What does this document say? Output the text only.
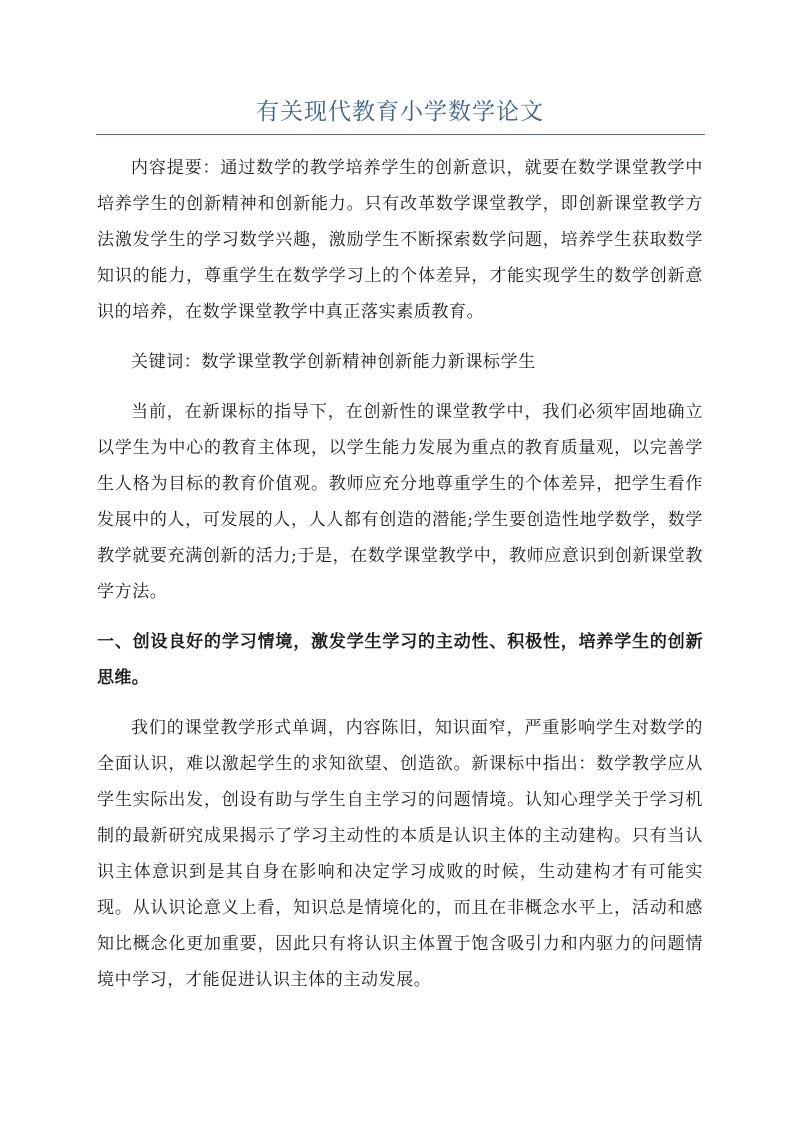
有关现代教育小学数学论文

内容提要：通过数学的教学培养学生的创新意识，就要在数学课堂教学中培养学生的创新精神和创新能力。只有改革数学课堂教学，即创新课堂教学方法激发学生的学习数学兴趣，激励学生不断探索数学问题，培养学生获取数学知识的能力，尊重学生在数学学习上的个体差异，才能实现学生的数学创新意识的培养，在数学课堂教学中真正落实素质教育。

关键词：数学课堂教学创新精神创新能力新课标学生

当前，在新课标的指导下，在创新性的课堂教学中，我们必须牢固地确立以学生为中心的教育主体现，以学生能力发展为重点的教育质量观，以完善学生人格为目标的教育价值观。教师应充分地尊重学生的个体差异，把学生看作发展中的人，可发展的人，人人都有创造的潜能;学生要创造性地学数学，数学教学就要充满创新的活力;于是，在数学课堂教学中，教师应意识到创新课堂教学方法。

一、创设良好的学习情境，激发学生学习的主动性、积极性，培养学生的创新思维。

我们的课堂教学形式单调，内容陈旧，知识面窄，严重影响学生对数学的全面认识，难以激起学生的求知欲望、创造欲。新课标中指出：数学教学应从学生实际出发，创设有助与学生自主学习的问题情境。认知心理学关于学习机制的最新研究成果揭示了学习主动性的本质是认识主体的主动建构。只有当认识主体意识到是其自身在影响和决定学习成败的时候，生动建构才有可能实现。从认识论意义上看，知识总是情境化的，而且在非概念水平上，活动和感知比概念化更加重要，因此只有将认识主体置于饱含吸引力和内驱力的问题情境中学习，才能促进认识主体的主动发展。
